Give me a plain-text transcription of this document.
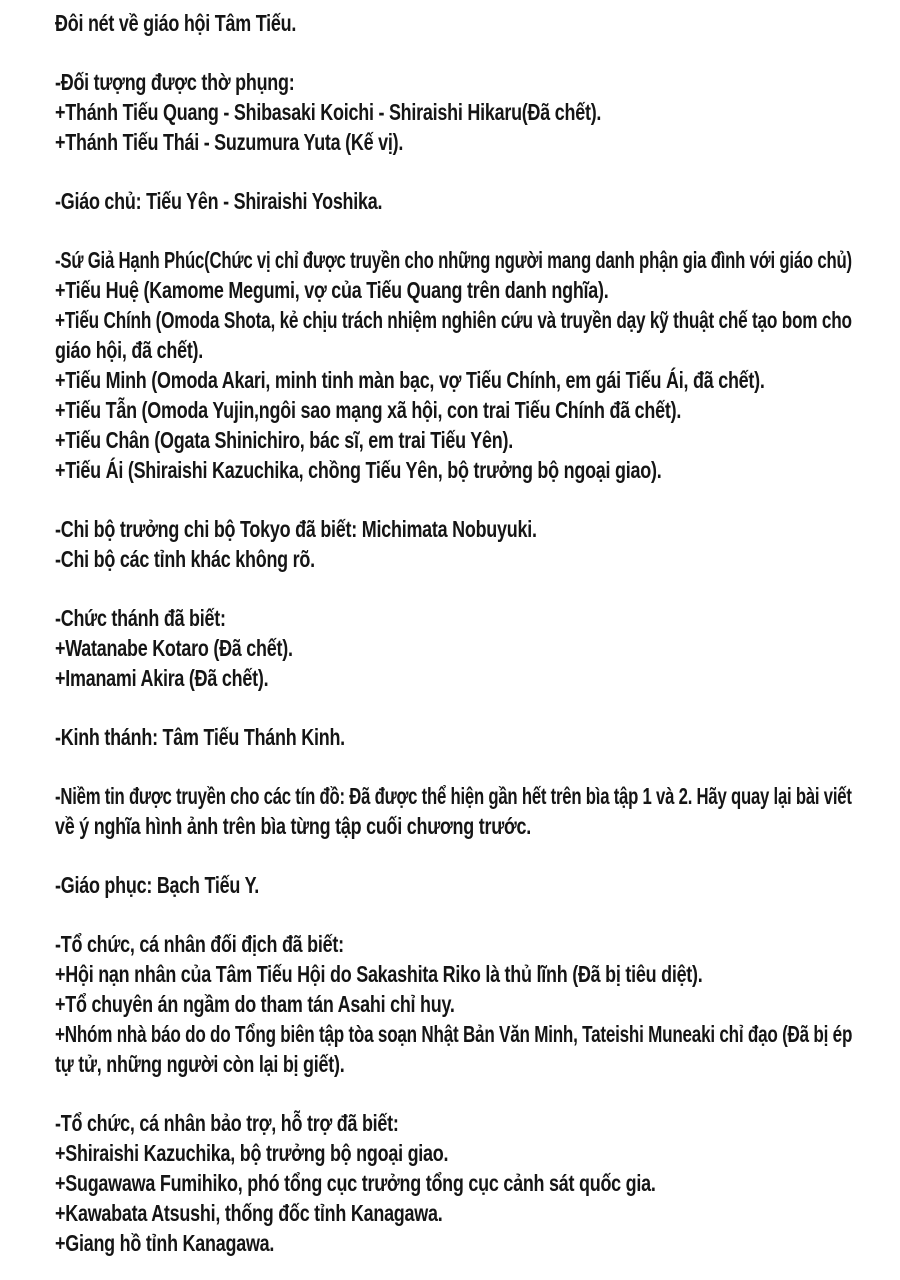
Đôi nét về giáo hội Tâm Tiếu.
-Đối tượng được thờ phụng:
+Thánh Tiếu Quang - Shibasaki Koichi - Shiraishi Hikaru(Đã chết).
+Thánh Tiếu Thái - Suzumura Yuta (Kế vị).
-Giáo chủ: Tiếu Yên - Shiraishi Yoshika.
-Sứ Giả Hạnh Phúc(Chức vị chỉ được truyền cho những người mang danh phận gia đình với giáo chủ)
+Tiếu Huệ (Kamome Megumi, vợ của Tiếu Quang trên danh nghĩa).
+Tiếu Chính (Omoda Shota, kẻ chịu trách nhiệm nghiên cứu và truyền dạy kỹ thuật chế tạo bom cho
giáo hội, đã chết).
+Tiếu Minh (Omoda Akari, minh tinh màn bạc, vợ Tiếu Chính, em gái Tiếu Ái, đã chết).
+Tiếu Tẫn (Omoda Yujin,ngôi sao mạng xã hội, con trai Tiếu Chính đã chết).
+Tiếu Chân (Ogata Shinichiro, bác sĩ, em trai Tiếu Yên).
+Tiếu Ái (Shiraishi Kazuchika, chồng Tiếu Yên, bộ trưởng bộ ngoại giao).
-Chi bộ trưởng chi bộ Tokyo đã biết: Michimata Nobuyuki.
-Chi bộ các tỉnh khác không rõ.
-Chức thánh đã biết:
+Watanabe Kotaro (Đã chết).
+Imanami Akira (Đã chết).
-Kinh thánh: Tâm Tiếu Thánh Kinh.
-Niềm tin được truyền cho các tín đồ: Đã được thể hiện gần hết trên bìa tập 1 và 2. Hãy quay lại bài viết
về ý nghĩa hình ảnh trên bìa từng tập cuối chương trước.
-Giáo phục: Bạch Tiếu Y.
-Tổ chức, cá nhân đối địch đã biết:
+Hội nạn nhân của Tâm Tiếu Hội do Sakashita Riko là thủ lĩnh (Đã bị tiêu diệt).
+Tổ chuyên án ngầm do tham tán Asahi chỉ huy.
+Nhóm nhà báo do do Tổng biên tập tòa soạn Nhật Bản Văn Minh, Tateishi Muneaki chỉ đạo (Đã bị ép
tự tử, những người còn lại bị giết).
-Tổ chức, cá nhân bảo trợ, hỗ trợ đã biết:
+Shiraishi Kazuchika, bộ trưởng bộ ngoại giao.
+Sugawawa Fumihiko, phó tổng cục trưởng tổng cục cảnh sát quốc gia.
+Kawabata Atsushi, thống đốc tỉnh Kanagawa.
+Giang hồ tỉnh Kanagawa.
